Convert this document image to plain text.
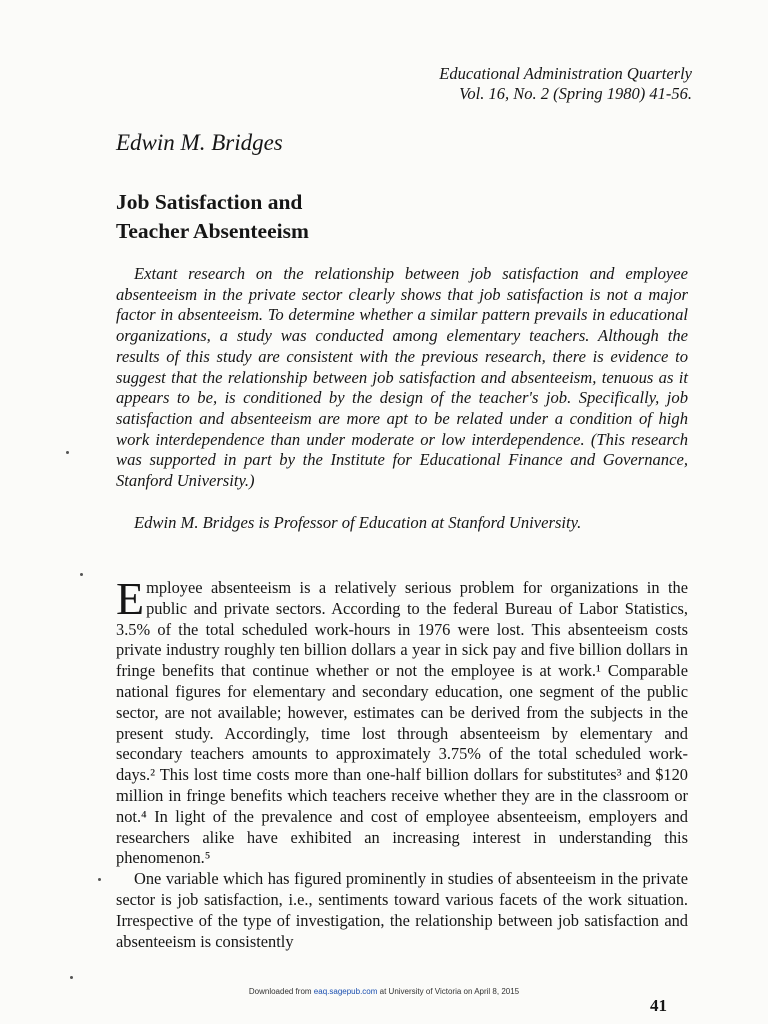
Educational Administration Quarterly
Vol. 16, No. 2 (Spring 1980) 41-56.
Edwin M. Bridges
Job Satisfaction and
Teacher Absenteeism
Extant research on the relationship between job satisfaction and employee absenteeism in the private sector clearly shows that job satisfaction is not a major factor in absenteeism. To determine whether a similar pattern prevails in educational organizations, a study was conducted among elementary teachers. Although the results of this study are consistent with the previous research, there is evidence to suggest that the relationship between job satisfaction and absenteeism, tenuous as it appears to be, is conditioned by the design of the teacher's job. Specifically, job satisfaction and absenteeism are more apt to be related under a condition of high work interdependence than under moderate or low interdependence. (This research was supported in part by the Institute for Educational Finance and Governance, Stanford University.)
Edwin M. Bridges is Professor of Education at Stanford University.

Employee absenteeism is a relatively serious problem for organizations in the public and private sectors. According to the federal Bureau of Labor Statistics, 3.5% of the total scheduled work-hours in 1976 were lost. This absenteeism costs private industry roughly ten billion dollars a year in sick pay and five billion dollars in fringe benefits that continue whether or not the employee is at work.¹ Comparable national figures for elementary and secondary education, one segment of the public sector, are not available; however, estimates can be derived from the subjects in the present study. Accordingly, time lost through absenteeism by elementary and secondary teachers amounts to approximately 3.75% of the total scheduled work-days.² This lost time costs more than one-half billion dollars for substitutes³ and $120 million in fringe benefits which teachers receive whether they are in the classroom or not.⁴ In light of the prevalence and cost of employee absenteeism, employers and researchers alike have exhibited an increasing interest in understanding this phenomenon.⁵

One variable which has figured prominently in studies of absenteeism in the private sector is job satisfaction, i.e., sentiments toward various facets of the work situation. Irrespective of the type of investigation, the relationship between job satisfaction and absenteeism is consistently

Downloaded from eaq.sagepub.com at University of Victoria on April 8, 2015
41
